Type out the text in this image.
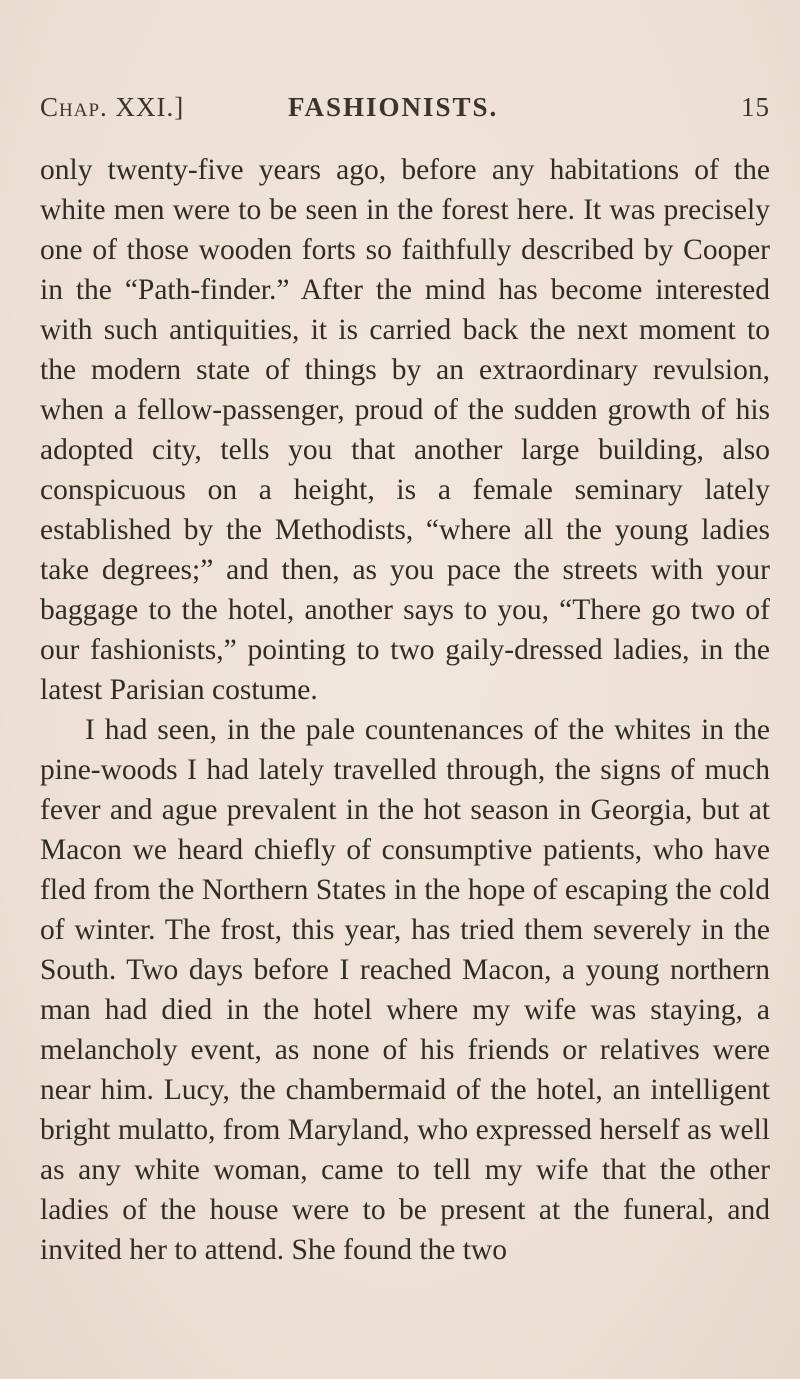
Chap. XXI.]	FASHIONISTS.	15

only twenty-five years ago, before any habitations of the white men were to be seen in the forest here. It was precisely one of those wooden forts so faithfully described by Cooper in the “Path-finder.” After the mind has become interested with such antiquities, it is carried back the next moment to the modern state of things by an extraordinary revulsion, when a fellow-passenger, proud of the sudden growth of his adopted city, tells you that another large building, also conspicuous on a height, is a female seminary lately established by the Methodists, “where all the young ladies take degrees;” and then, as you pace the streets with your baggage to the hotel, another says to you, “There go two of our fashionists,” pointing to two gaily-dressed ladies, in the latest Parisian costume.

I had seen, in the pale countenances of the whites in the pine-woods I had lately travelled through, the signs of much fever and ague prevalent in the hot season in Georgia, but at Macon we heard chiefly of consumptive patients, who have fled from the Northern States in the hope of escaping the cold of winter. The frost, this year, has tried them severely in the South. Two days before I reached Macon, a young northern man had died in the hotel where my wife was staying, a melancholy event, as none of his friends or relatives were near him. Lucy, the chambermaid of the hotel, an intelligent bright mulatto, from Maryland, who expressed herself as well as any white woman, came to tell my wife that the other ladies of the house were to be present at the funeral, and invited her to attend. She found the two
